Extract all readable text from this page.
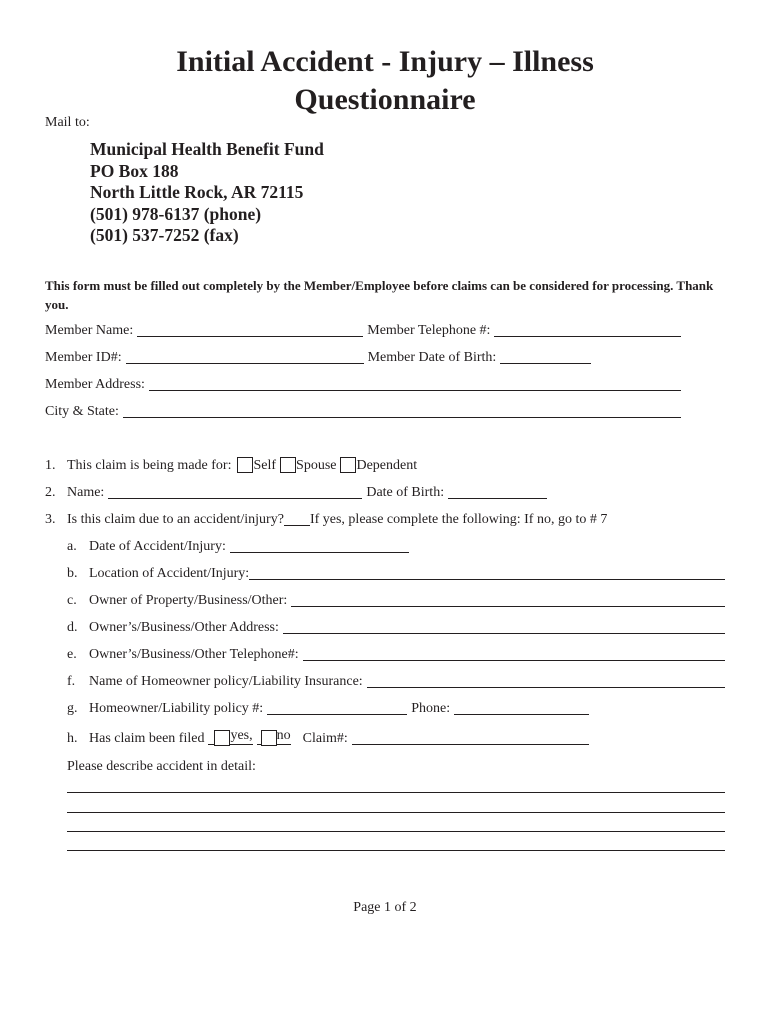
Initial Accident - Injury – Illness
Questionnaire
Mail to:
Municipal Health Benefit Fund
PO Box 188
North Little Rock, AR 72115
(501) 978-6137 (phone)
(501) 537-7252 (fax)
This form must be filled out completely by the Member/Employee before claims can be considered for processing. Thank you.
Member Name:	Member Telephone #:
Member ID#:	Member Date of Birth:
Member Address:
City & State:
1. This claim is being made for: Self Spouse Dependent
2. Name:	Date of Birth:
3. Is this claim due to an accident/injury? If yes, please complete the following: If no, go to # 7
a. Date of Accident/Injury:
b. Location of Accident/Injury:
c. Owner of Property/Business/Other:
d. Owner’s/Business/Other Address:
e. Owner’s/Business/Other Telephone#:
f. Name of Homeowner policy/Liability Insurance:
g. Homeowner/Liability policy #:	Phone:
h. Has claim been filed yes, no Claim#:
Please describe accident in detail:
Page 1 of 2
